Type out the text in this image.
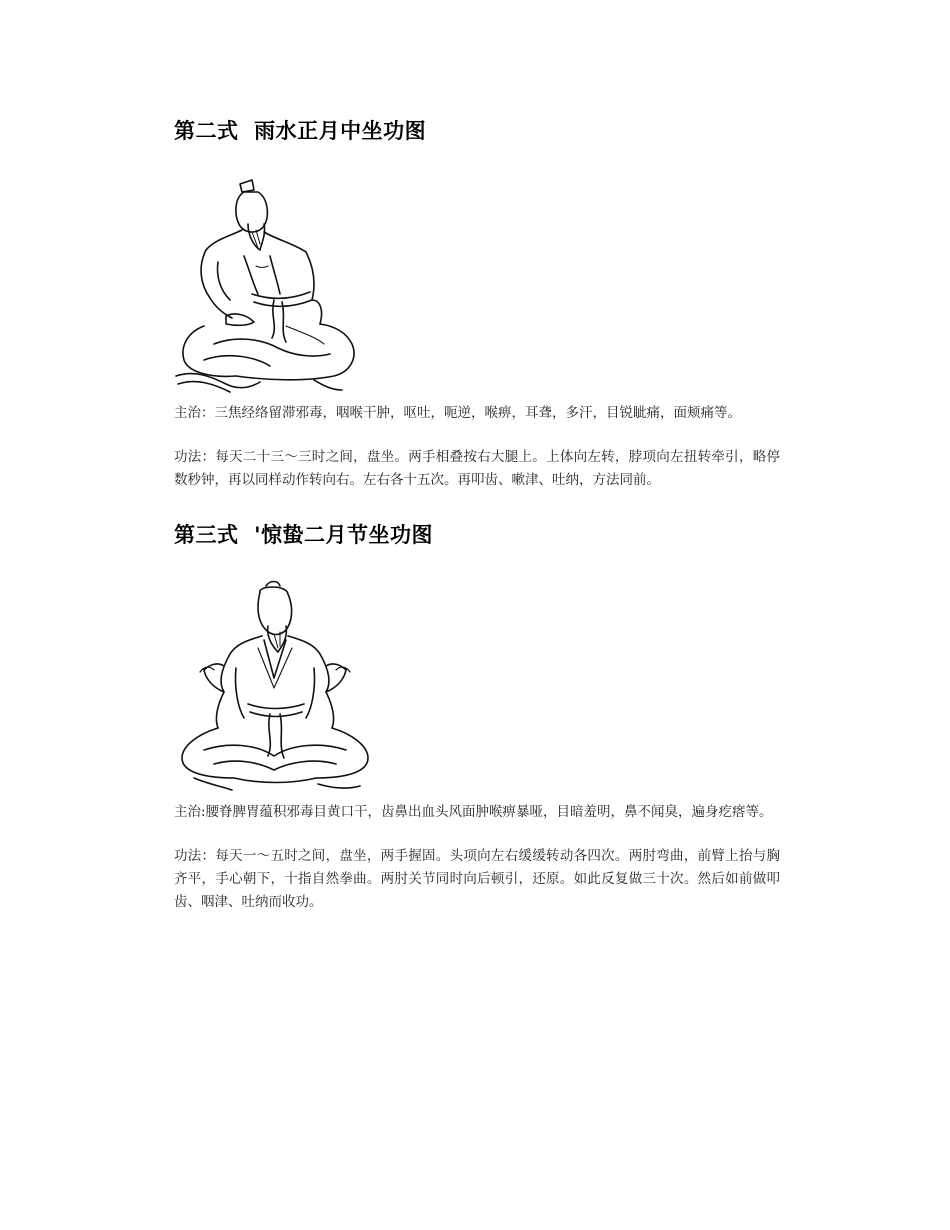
第二式  雨水正月中坐功图

主治：三焦经络留滞邪毒，咽喉干肿，呕吐，呃逆，喉痹，耳聋，多汗，目锐眦痛，面颊痛等。

功法：每天二十三～三时之间，盘坐。两手相叠按右大腿上。上体向左转，脖项向左扭转牵引，略停数秒钟，再以同样动作转向右。左右各十五次。再叩齿、嗽津、吐纳，方法同前。

第三式  '惊蛰二月节坐功图

主治:腰脊脾胃蕴积邪毒目黄口干，齿鼻出血头风面肿喉痹暴哑，目暗羞明，鼻不闻臭，遍身疙瘩等。

功法：每天一～五时之间，盘坐，两手握固。头项向左右缓缓转动各四次。两肘弯曲，前臂上抬与胸齐平，手心朝下，十指自然拳曲。两肘关节同时向后顿引，还原。如此反复做三十次。然后如前做叩齿、咽津、吐纳而收功。
